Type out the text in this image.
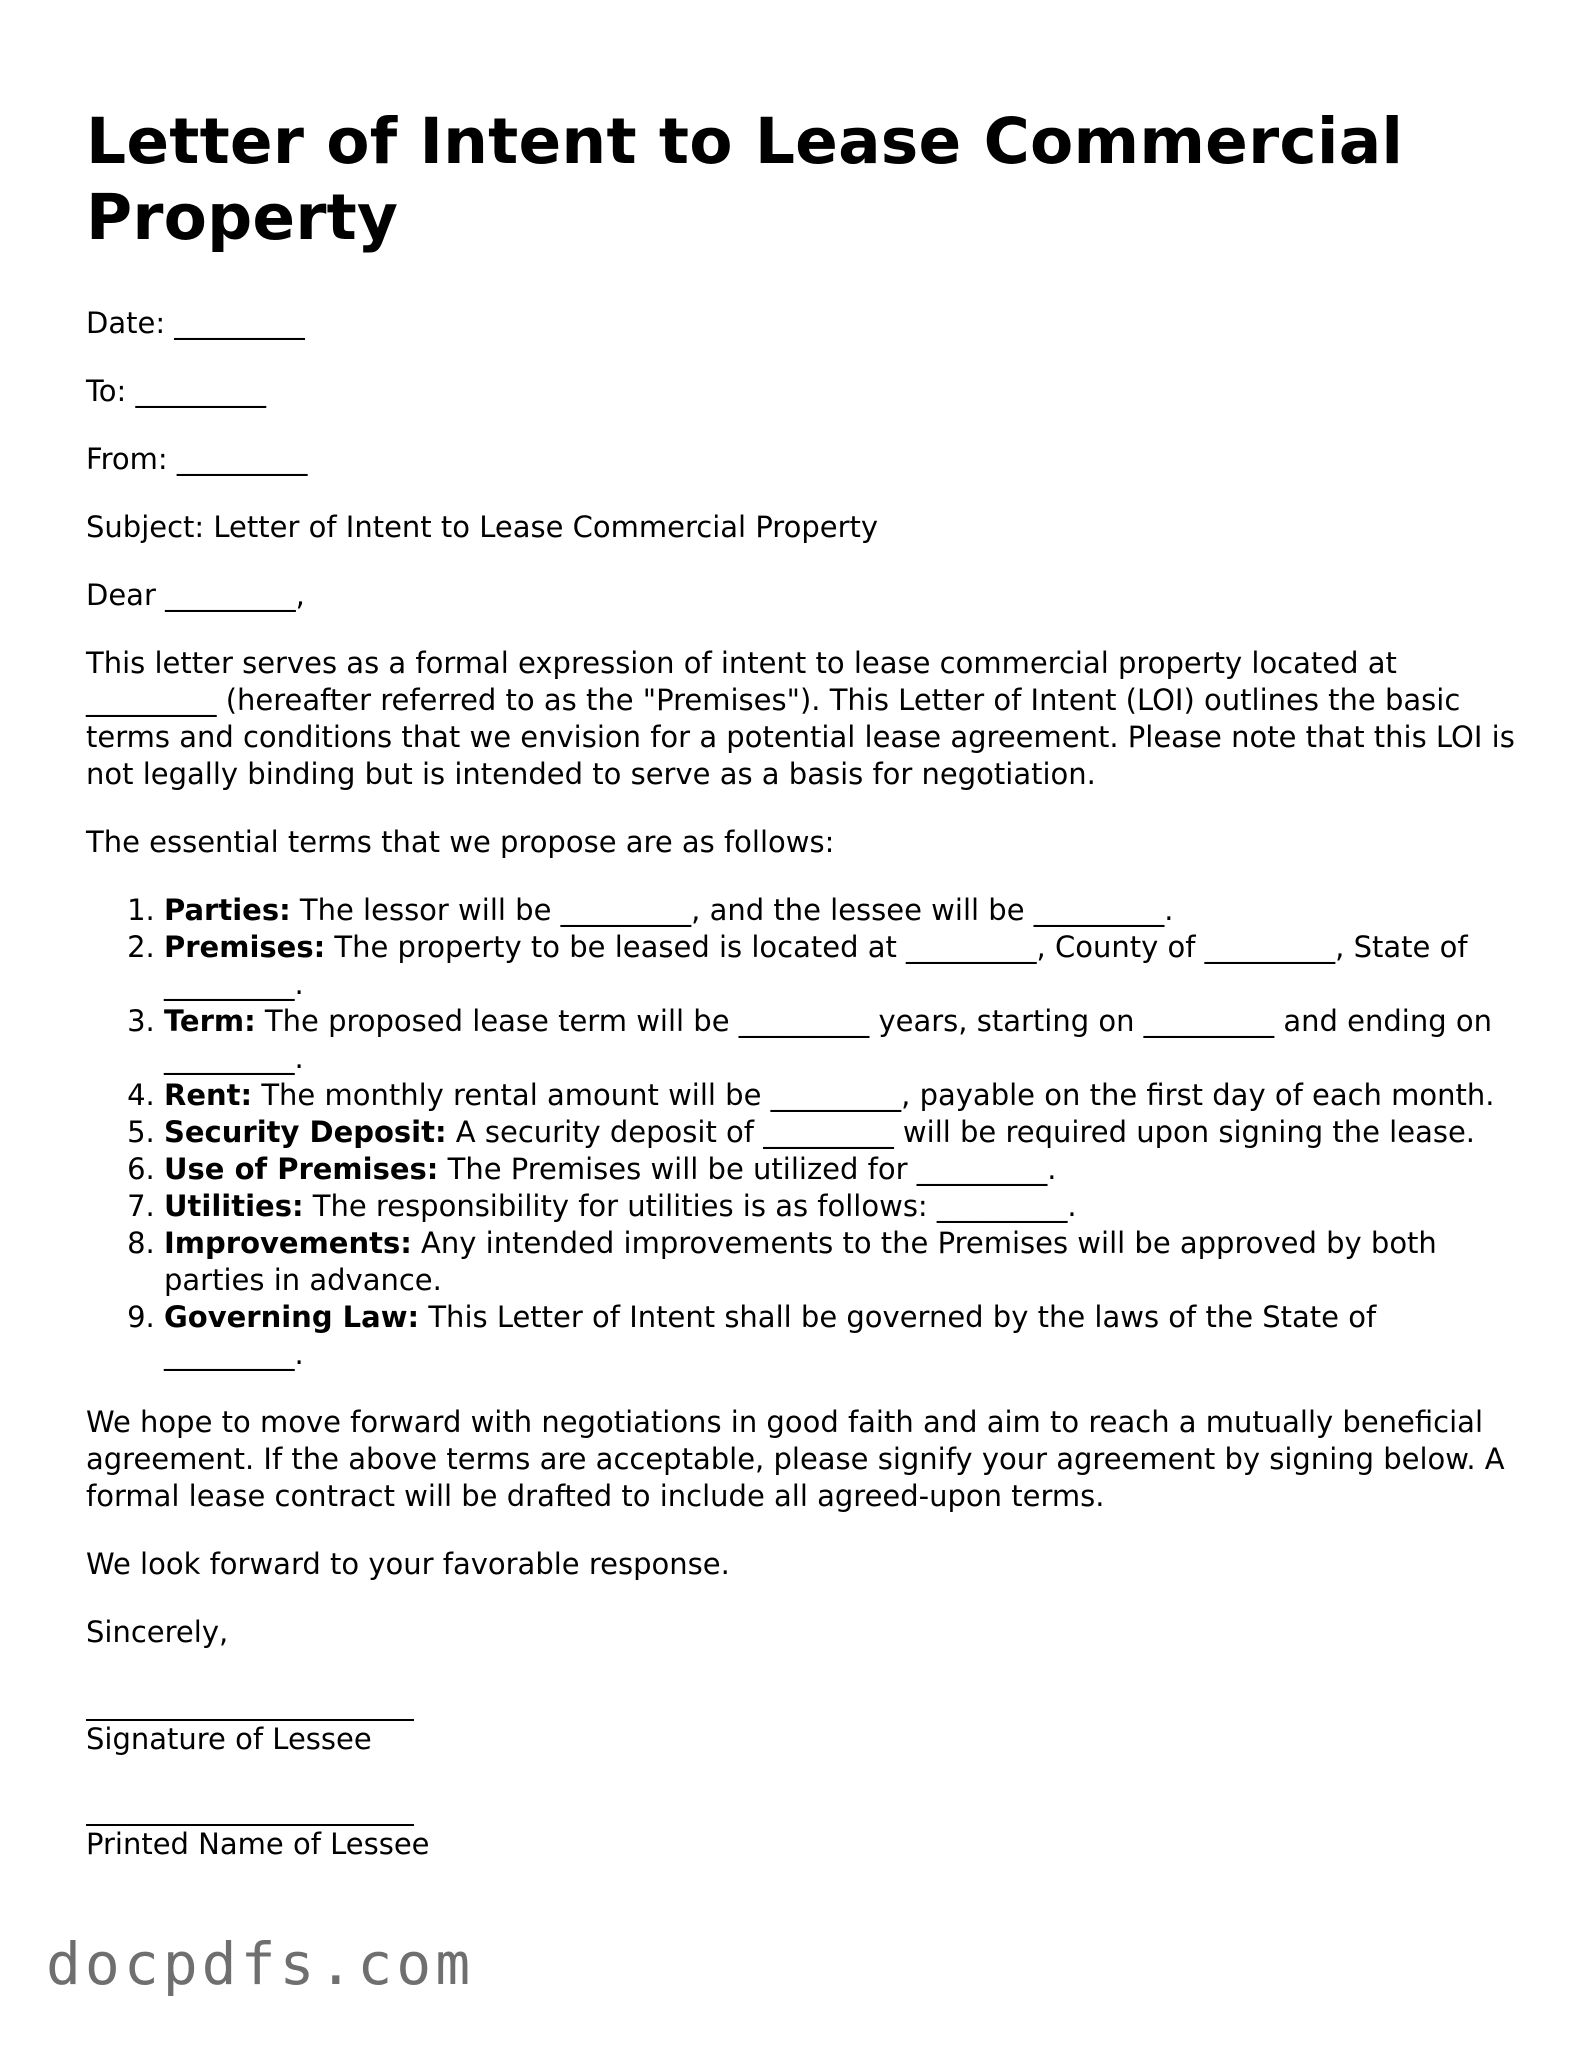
Letter of Intent to Lease Commercial Property

Date: _________

To: _________

From: _________

Subject: Letter of Intent to Lease Commercial Property

Dear _________,

This letter serves as a formal expression of intent to lease commercial property located at _________ (hereafter referred to as the "Premises"). This Letter of Intent (LOI) outlines the basic terms and conditions that we envision for a potential lease agreement. Please note that this LOI is not legally binding but is intended to serve as a basis for negotiation.

The essential terms that we propose are as follows:

1. Parties: The lessor will be _________, and the lessee will be _________.
2. Premises: The property to be leased is located at _________, County of _________, State of _________.
3. Term: The proposed lease term will be _________ years, starting on _________ and ending on _________.
4. Rent: The monthly rental amount will be _________, payable on the first day of each month.
5. Security Deposit: A security deposit of _________ will be required upon signing the lease.
6. Use of Premises: The Premises will be utilized for _________.
7. Utilities: The responsibility for utilities is as follows: _________.
8. Improvements: Any intended improvements to the Premises will be approved by both parties in advance.
9. Governing Law: This Letter of Intent shall be governed by the laws of the State of _________.

We hope to move forward with negotiations in good faith and aim to reach a mutually beneficial agreement. If the above terms are acceptable, please signify your agreement by signing below. A formal lease contract will be drafted to include all agreed-upon terms.

We look forward to your favorable response.

Sincerely,

Signature of Lessee
Printed Name of Lessee
docpdfs.com
